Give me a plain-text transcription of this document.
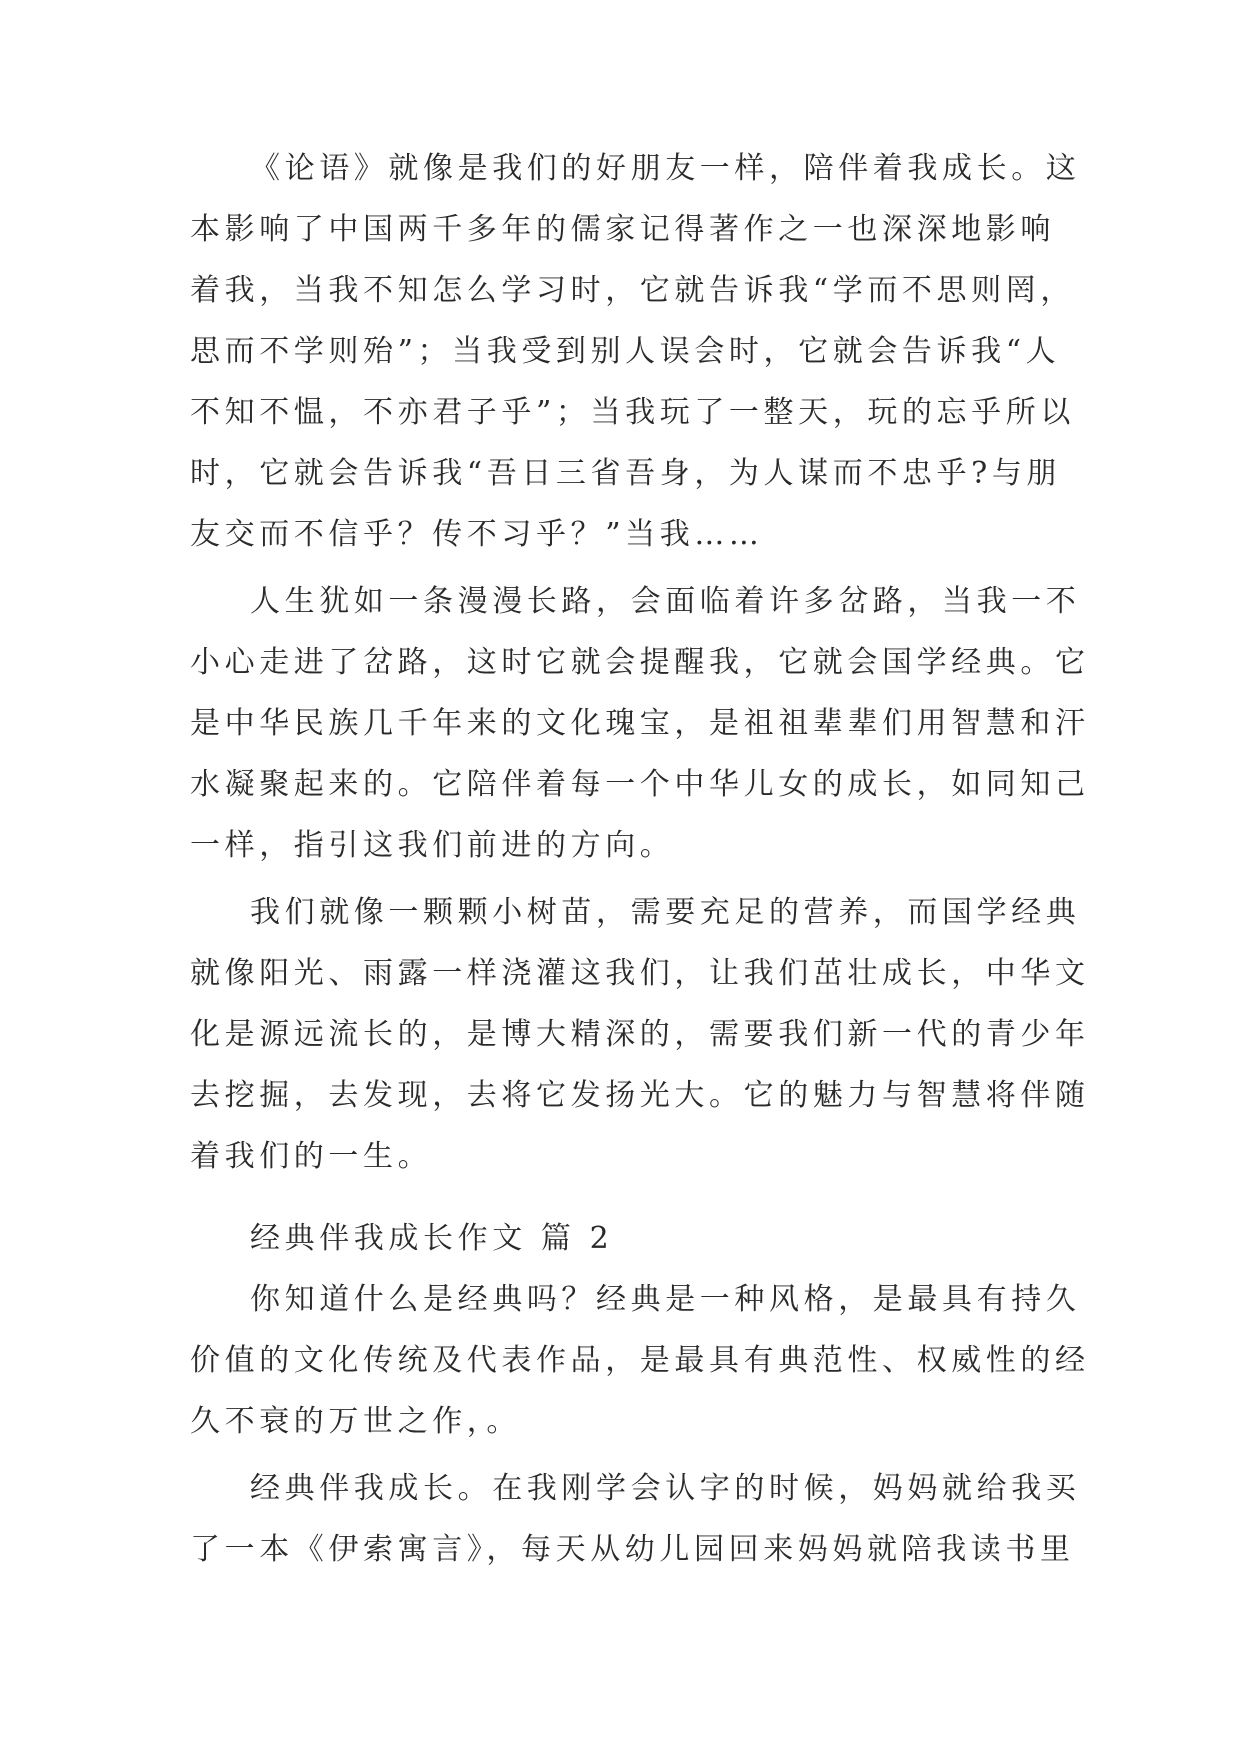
《论语》就像是我们的好朋友一样，陪伴着我成长。这
本影响了中国两千多年的儒家记得著作之一也深深地影响
着我，当我不知怎么学习时，它就告诉我“学而不思则罔，
思而不学则殆”；当我受到别人误会时，它就会告诉我“人
不知不愠，不亦君子乎”；当我玩了一整天，玩的忘乎所以
时，它就会告诉我“吾日三省吾身，为人谋而不忠乎?与朋
友交而不信乎？传不习乎？”当我……

人生犹如一条漫漫长路，会面临着许多岔路，当我一不
小心走进了岔路，这时它就会提醒我，它就会国学经典。它
是中华民族几千年来的文化瑰宝，是祖祖辈辈们用智慧和汗
水凝聚起来的。它陪伴着每一个中华儿女的成长，如同知己
一样，指引这我们前进的方向。

我们就像一颗颗小树苗，需要充足的营养，而国学经典
就像阳光、雨露一样浇灌这我们，让我们茁壮成长，中华文
化是源远流长的，是博大精深的，需要我们新一代的青少年
去挖掘，去发现，去将它发扬光大。它的魅力与智慧将伴随
着我们的一生。

经典伴我成长作文 篇 2

你知道什么是经典吗？经典是一种风格，是最具有持久
价值的文化传统及代表作品，是最具有典范性、权威性的经
久不衰的万世之作，。

经典伴我成长。在我刚学会认字的时候，妈妈就给我买
了一本《伊索寓言》，每天从幼儿园回来妈妈就陪我读书里
